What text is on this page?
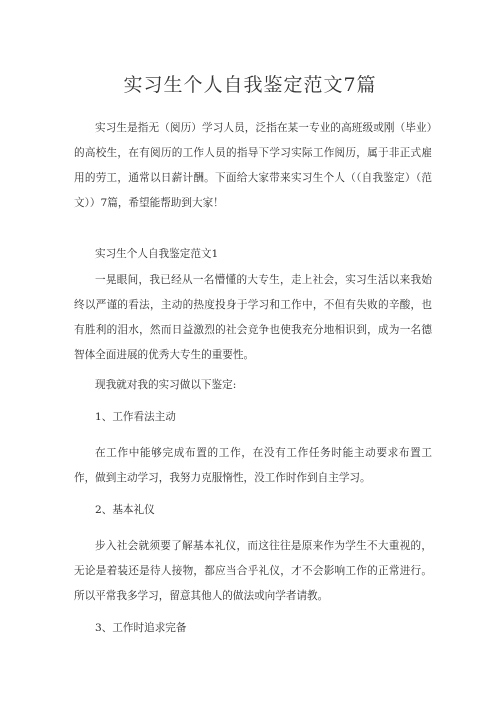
实习生个人自我鉴定范文7篇
实习生是指无（阅历）学习人员，泛指在某一专业的高班级或刚（毕业）的高校生，在有阅历的工作人员的指导下学习实际工作阅历，属于非正式雇用的劳工，通常以日薪计酬。下面给大家带来实习生个人（（自我鉴定）（范文））7篇，希望能帮助到大家！
实习生个人自我鉴定范文1
一晃眼间，我已经从一名懵懂的大专生，走上社会，实习生活以来我始终以严谨的看法，主动的热度投身于学习和工作中，不但有失败的辛酸，也有胜利的泪水，然而日益激烈的社会竞争也使我充分地相识到，成为一名德智体全面进展的优秀大专生的重要性。
现我就对我的实习做以下鉴定:
1、工作看法主动
在工作中能够完成布置的工作，在没有工作任务时能主动要求布置工作，做到主动学习，我努力克服惰性，没工作时作到自主学习。
2、基本礼仪
步入社会就须要了解基本礼仪，而这往往是原来作为学生不大重视的，无论是着装还是待人接物，都应当合乎礼仪，才不会影响工作的正常进行。所以平常我多学习，留意其他人的做法或向学者请教。
3、工作时追求完备
